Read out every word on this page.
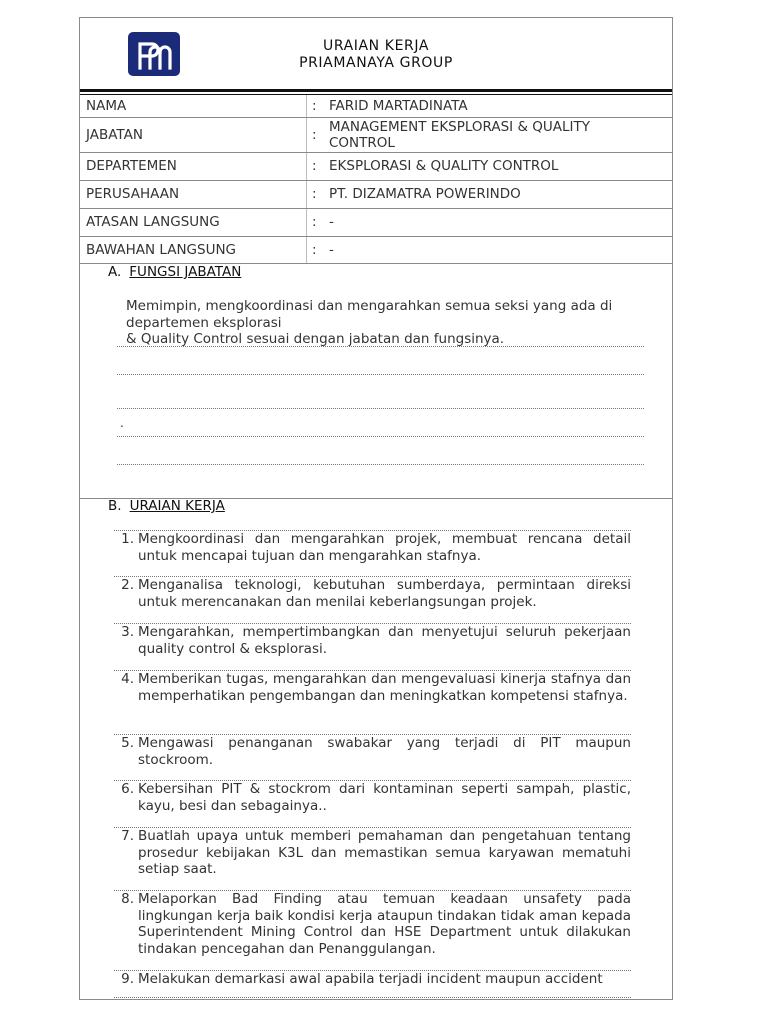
URAIAN KERJA
PRIAMANAYA GROUP
NAMA	: FARID MARTADINATA
JABATAN	: MANAGEMENT EKSPLORASI & QUALITY CONTROL
DEPARTEMEN	: EKSPLORASI & QUALITY CONTROL
PERUSAHAAN	: PT. DIZAMATRA POWERINDO
ATASAN LANGSUNG	: -
BAWAHAN LANGSUNG	: -
A. FUNGSI JABATAN
Memimpin, mengkoordinasi dan mengarahkan semua seksi yang ada di
departemen eksplorasi
& Quality Control sesuai dengan jabatan dan fungsinya.
.
B. URAIAN KERJA
1. Mengkoordinasi dan mengarahkan projek, membuat rencana detail untuk mencapai tujuan dan mengarahkan stafnya.
2. Menganalisa teknologi, kebutuhan sumberdaya, permintaan direksi untuk merencanakan dan menilai keberlangsungan projek.
3. Mengarahkan, mempertimbangkan dan menyetujui seluruh pekerjaan quality control & eksplorasi.
4. Memberikan tugas, mengarahkan dan mengevaluasi kinerja stafnya dan memperhatikan pengembangan dan meningkatkan kompetensi stafnya.
5. Mengawasi penanganan swabakar yang terjadi di PIT maupun stockroom.
6. Kebersihan PIT & stockrom dari kontaminan seperti sampah, plastic, kayu, besi dan sebagainya..
7. Buatlah upaya untuk memberi pemahaman dan pengetahuan tentang prosedur kebijakan K3L dan memastikan semua karyawan mematuhi setiap saat.
8. Melaporkan Bad Finding atau temuan keadaan unsafety pada lingkungan kerja baik kondisi kerja ataupun tindakan tidak aman kepada Superintendent Mining Control dan HSE Department untuk dilakukan tindakan pencegahan dan Penanggulangan.
9. Melakukan demarkasi awal apabila terjadi incident maupun accident
